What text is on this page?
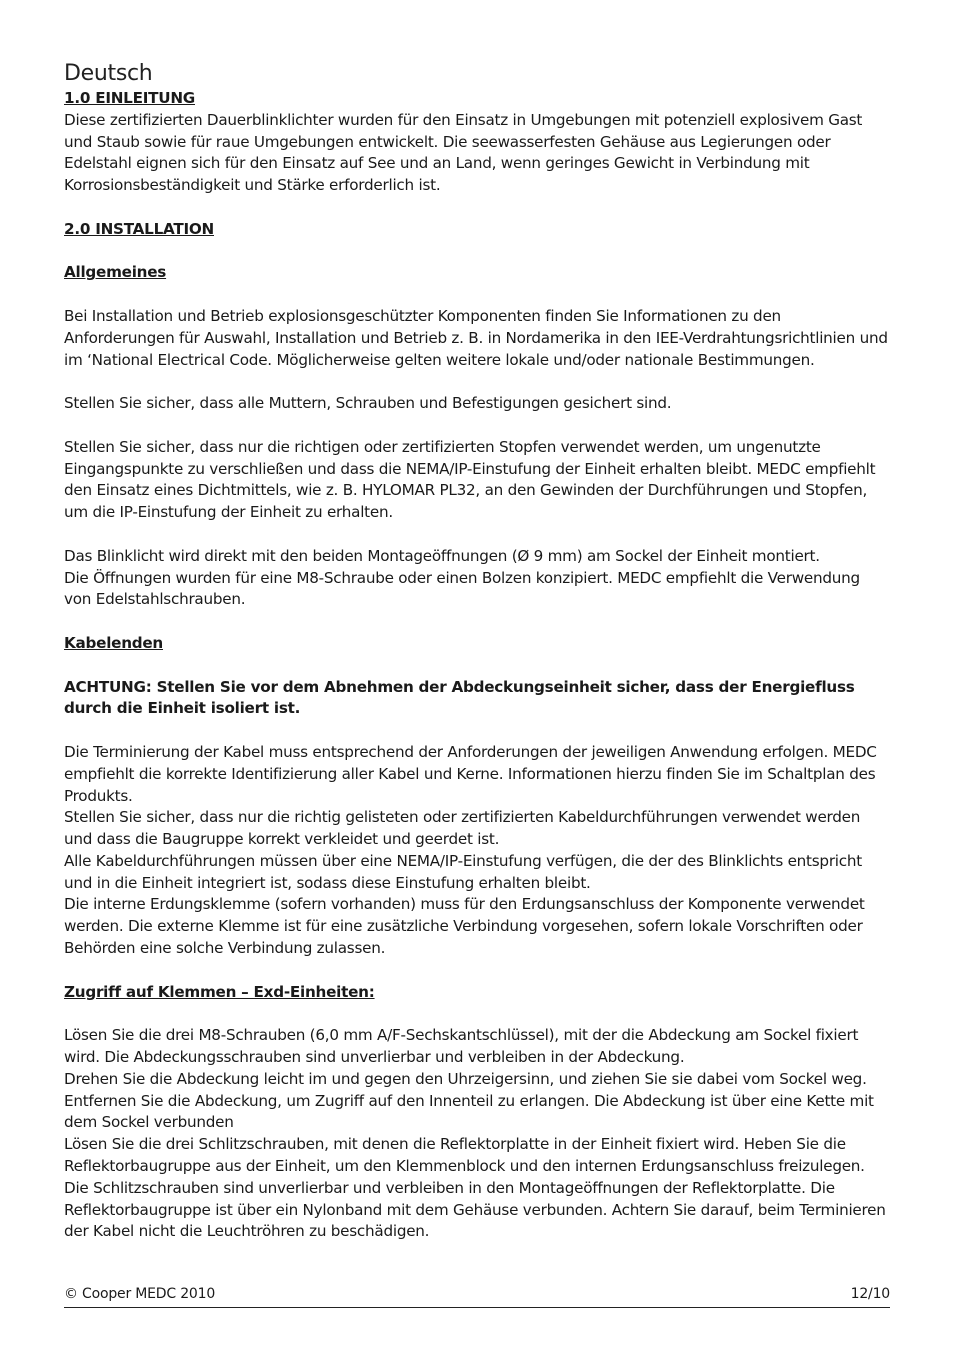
Deutsch

1.0 EINLEITUNG

Diese zertifizierten Dauerblinklichter wurden für den Einsatz in Umgebungen mit potenziell explosivem Gast und Staub sowie für raue Umgebungen entwickelt. Die seewasserfesten Gehäuse aus Legierungen oder Edelstahl eignen sich für den Einsatz auf See und an Land, wenn geringes Gewicht in Verbindung mit Korrosionsbeständigkeit und Stärke erforderlich ist.

2.0 INSTALLATION

Allgemeines

Bei Installation und Betrieb explosionsgeschützter Komponenten finden Sie Informationen zu den Anforderungen für Auswahl, Installation und Betrieb z. B. in Nordamerika in den IEE-Verdrahtungsrichtlinien und im ‘National Electrical Code. Möglicherweise gelten weitere lokale und/oder nationale Bestimmungen.

Stellen Sie sicher, dass alle Muttern, Schrauben und Befestigungen gesichert sind.

Stellen Sie sicher, dass nur die richtigen oder zertifizierten Stopfen verwendet werden, um ungenutzte Eingangspunkte zu verschließen und dass die NEMA/IP-Einstufung der Einheit erhalten bleibt. MEDC empfiehlt den Einsatz eines Dichtmittels, wie z. B. HYLOMAR PL32, an den Gewinden der Durchführungen und Stopfen, um die IP-Einstufung der Einheit zu erhalten.

Das Blinklicht wird direkt mit den beiden Montageöffnungen (Ø 9 mm) am Sockel der Einheit montiert.

Die Öffnungen wurden für eine M8-Schraube oder einen Bolzen konzipiert. MEDC empfiehlt die Verwendung von Edelstahlschrauben.

Kabelenden

ACHTUNG: Stellen Sie vor dem Abnehmen der Abdeckungseinheit sicher, dass der Energiefluss durch die Einheit isoliert ist.

Die Terminierung der Kabel muss entsprechend der Anforderungen der jeweiligen Anwendung erfolgen. MEDC empfiehlt die korrekte Identifizierung aller Kabel und Kerne. Informationen hierzu finden Sie im Schaltplan des Produkts.

Stellen Sie sicher, dass nur die richtig gelisteten oder zertifizierten Kabeldurchführungen verwendet werden und dass die Baugruppe korrekt verkleidet und geerdet ist.

Alle Kabeldurchführungen müssen über eine NEMA/IP-Einstufung verfügen, die der des Blinklichts entspricht und in die Einheit integriert ist, sodass diese Einstufung erhalten bleibt.

Die interne Erdungsklemme (sofern vorhanden) muss für den Erdungsanschluss der Komponente verwendet werden. Die externe Klemme ist für eine zusätzliche Verbindung vorgesehen, sofern lokale Vorschriften oder Behörden eine solche Verbindung zulassen.

Zugriff auf Klemmen – Exd-Einheiten:

Lösen Sie die drei M8-Schrauben (6,0 mm A/F-Sechskantschlüssel), mit der die Abdeckung am Sockel fixiert wird. Die Abdeckungsschrauben sind unverlierbar und verbleiben in der Abdeckung.

Drehen Sie die Abdeckung leicht im und gegen den Uhrzeigersinn, und ziehen Sie sie dabei vom Sockel weg. Entfernen Sie die Abdeckung, um Zugriff auf den Innenteil zu erlangen. Die Abdeckung ist über eine Kette mit dem Sockel verbunden

Lösen Sie die drei Schlitzschrauben, mit denen die Reflektorplatte in der Einheit fixiert wird. Heben Sie die Reflektorbaugruppe aus der Einheit, um den Klemmenblock und den internen Erdungsanschluss freizulegen. Die Schlitzschrauben sind unverlierbar und verbleiben in den Montageöffnungen der Reflektorplatte. Die Reflektorbaugruppe ist über ein Nylonband mit dem Gehäuse verbunden. Achtern Sie darauf, beim Terminieren der Kabel nicht die Leuchtröhren zu beschädigen.

© Cooper MEDC 2010	12/10
